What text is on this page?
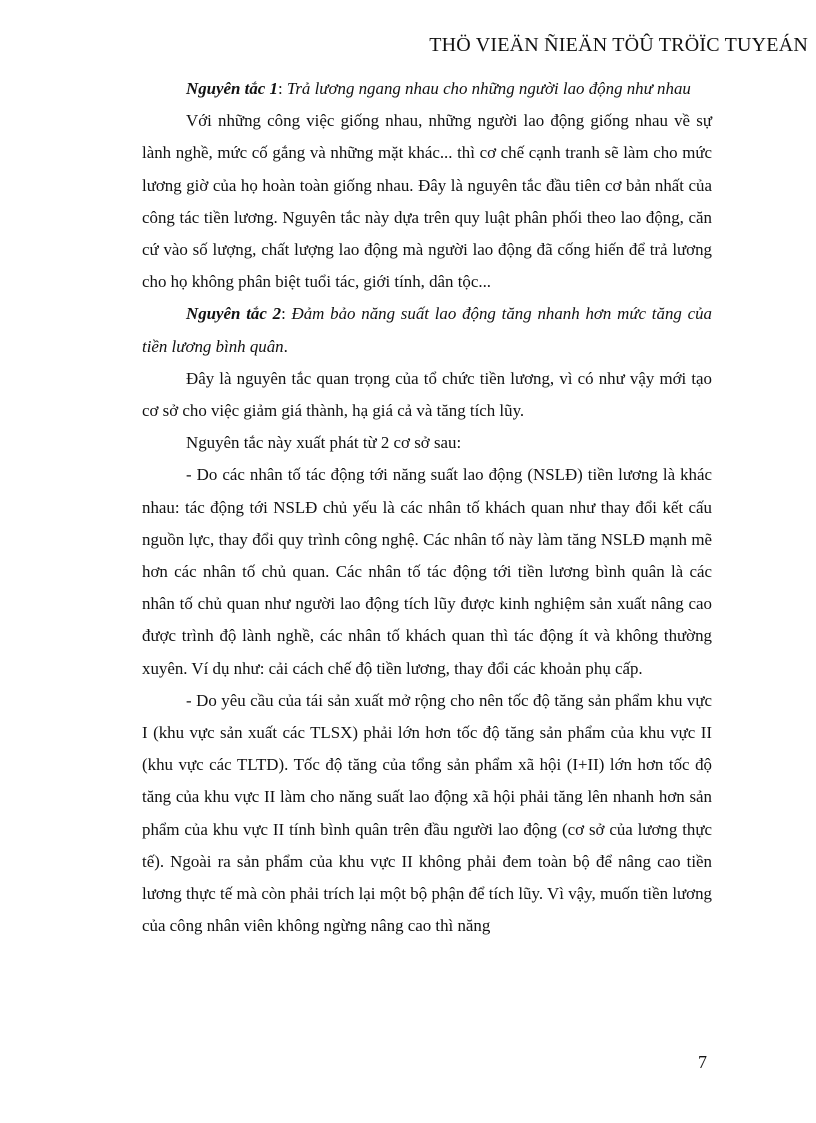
THÖ VIEÄN ÑIEÄN TÖÛ TRÖÏC TUYEÁN

Nguyên tắc 1: Trả lương ngang nhau cho những người lao động như nhau

Với những công việc giống nhau, những người lao động giống nhau về sự lành nghề, mức cố gắng và những mặt khác... thì cơ chế cạnh tranh sẽ làm cho mức lương giờ của họ hoàn toàn giống nhau. Đây là nguyên tắc đầu tiên cơ bản nhất của công tác tiền lương. Nguyên tắc này dựa trên quy luật phân phối theo lao động, căn cứ vào số lượng, chất lượng lao động mà người lao động đã cống hiến để trả lương cho họ không phân biệt tuổi tác, giới tính, dân tộc...

Nguyên tắc 2: Đảm bảo năng suất lao động tăng nhanh hơn mức tăng của tiền lương bình quân.

Đây là nguyên tắc quan trọng của tổ chức tiền lương, vì có như vậy mới tạo cơ sở cho việc giảm giá thành, hạ giá cả và tăng tích lũy.

Nguyên tắc này xuất phát từ 2 cơ sở sau:

- Do các nhân tố tác động tới năng suất lao động (NSLĐ) tiền lương là khác nhau: tác động tới NSLĐ chủ yếu là các nhân tố khách quan như thay đổi kết cấu nguồn lực, thay đổi quy trình công nghệ. Các nhân tố này làm tăng NSLĐ mạnh mẽ hơn các nhân tố chủ quan. Các nhân tố tác động tới tiền lương bình quân là các nhân tố chủ quan như người lao động tích lũy được kinh nghiệm sản xuất nâng cao được trình độ lành nghề, các nhân tố khách quan thì tác động ít và không thường xuyên. Ví dụ như: cải cách chế độ tiền lương, thay đổi các khoản phụ cấp.

- Do yêu cầu của tái sản xuất mở rộng cho nên tốc độ tăng sản phẩm khu vực I (khu vực sản xuất các TLSX) phải lớn hơn tốc độ tăng sản phẩm của khu vực II (khu vực các TLTD). Tốc độ tăng của tổng sản phẩm xã hội (I+II) lớn hơn tốc độ tăng của khu vực II làm cho năng suất lao động xã hội phải tăng lên nhanh hơn sản phẩm của khu vực II tính bình quân trên đầu người lao động (cơ sở của lương thực tế). Ngoài ra sản phẩm của khu vực II không phải đem toàn bộ để nâng cao tiền lương thực tế mà còn phải trích lại một bộ phận để tích lũy. Vì vậy, muốn tiền lương của công nhân viên không ngừng nâng cao thì năng

7
